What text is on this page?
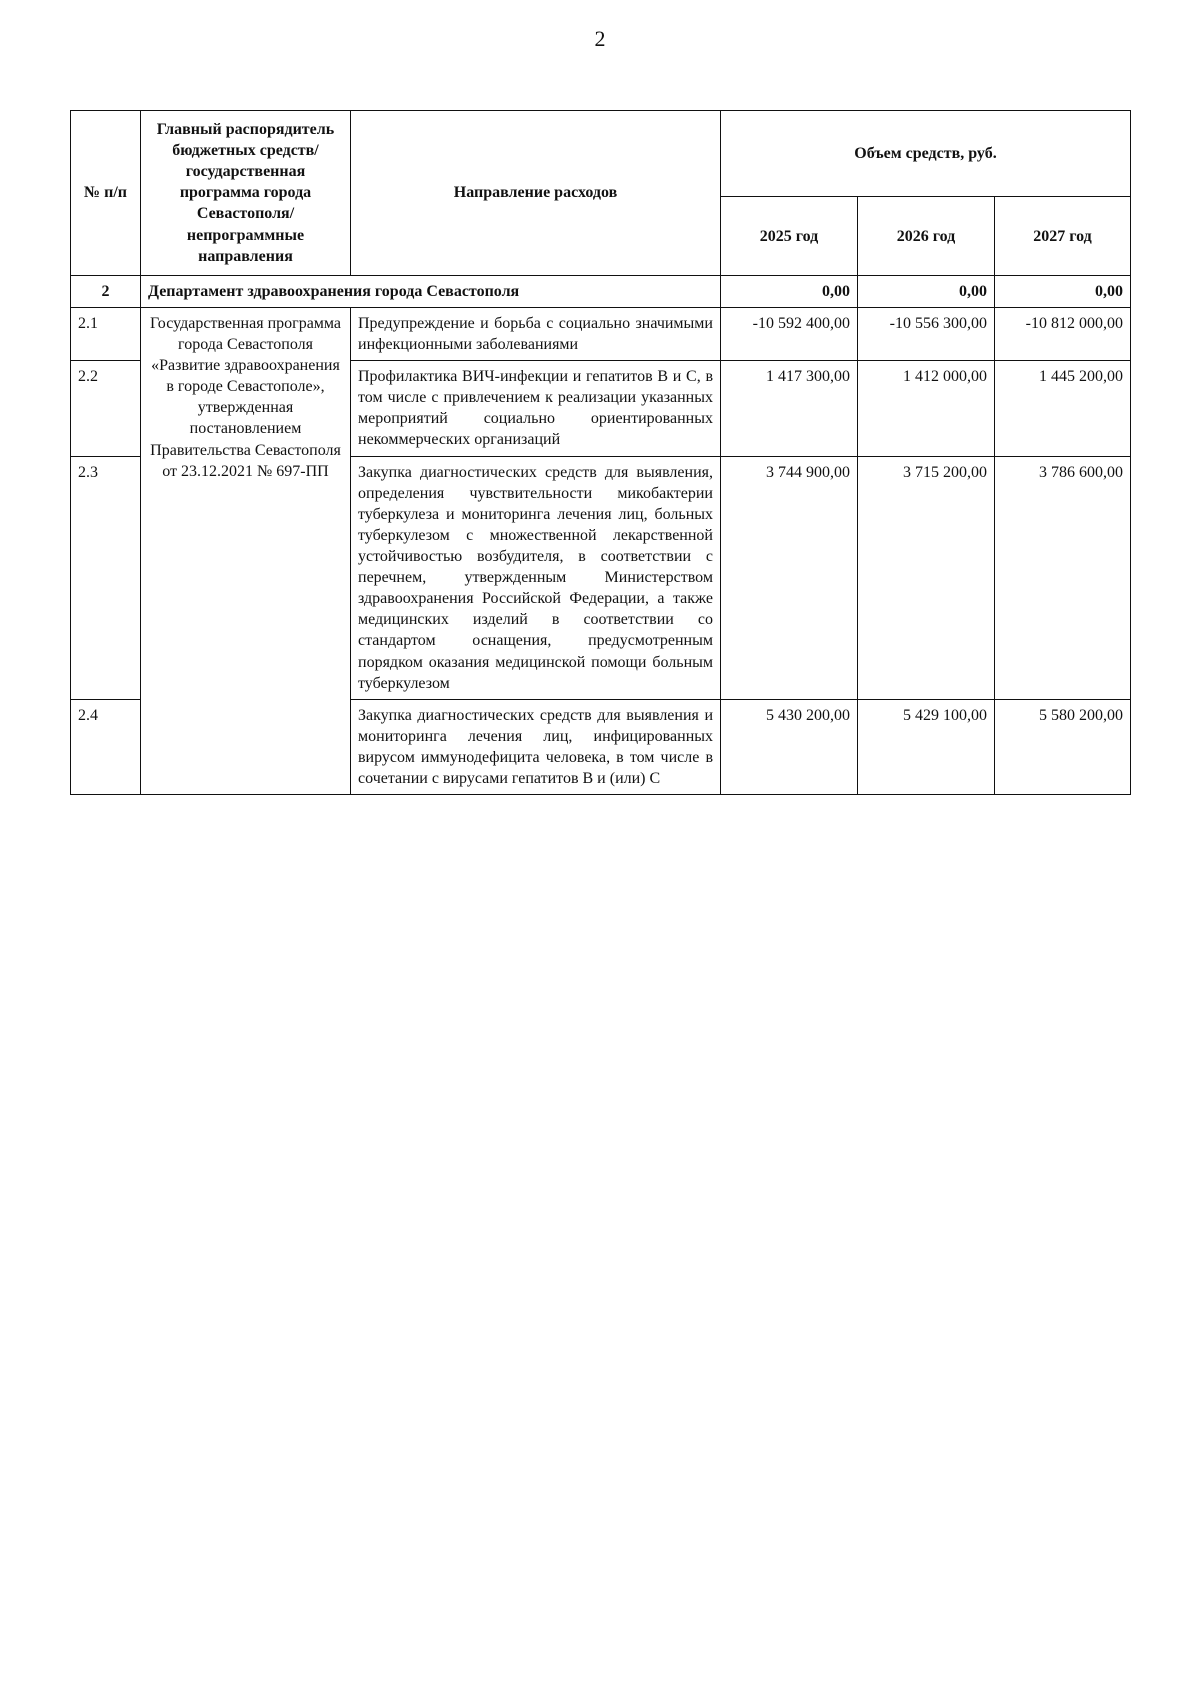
2
№ п/п	Главный распорядитель бюджетных средств/государственная программа города Севастополя/непрограммные направления	Направление расходов	Объем средств, руб.		
			2025 год	2026 год	2027 год
2	Департамент здравоохранения города Севастополя		0,00	0,00	0,00
2.1	Государственная программа города Севастополя «Развитие здравоохранения в городе Севастополе», утвержденная постановлением Правительства Севастополя от 23.12.2021 № 697-ПП	Предупреждение и борьба с социально значимыми инфекционными заболеваниями	-10 592 400,00	-10 556 300,00	-10 812 000,00
2.2		Профилактика ВИЧ-инфекции и гепатитов В и С, в том числе с привлечением к реализации указанных мероприятий социально ориентированных некоммерческих организаций	1 417 300,00	1 412 000,00	1 445 200,00
2.3		Закупка диагностических средств для выявления, определения чувствительности микобактерии туберкулеза и мониторинга лечения лиц, больных туберкулезом с множественной лекарственной устойчивостью возбудителя, в соответствии с перечнем, утвержденным Министерством здравоохранения Российской Федерации, а также медицинских изделий в соответствии со стандартом оснащения, предусмотренным порядком оказания медицинской помощи больным туберкулезом	3 744 900,00	3 715 200,00	3 786 600,00
2.4		Закупка диагностических средств для выявления и мониторинга лечения лиц, инфицированных вирусом иммунодефицита человека, в том числе в сочетании с вирусами гепатитов В и (или) С	5 430 200,00	5 429 100,00	5 580 200,00
